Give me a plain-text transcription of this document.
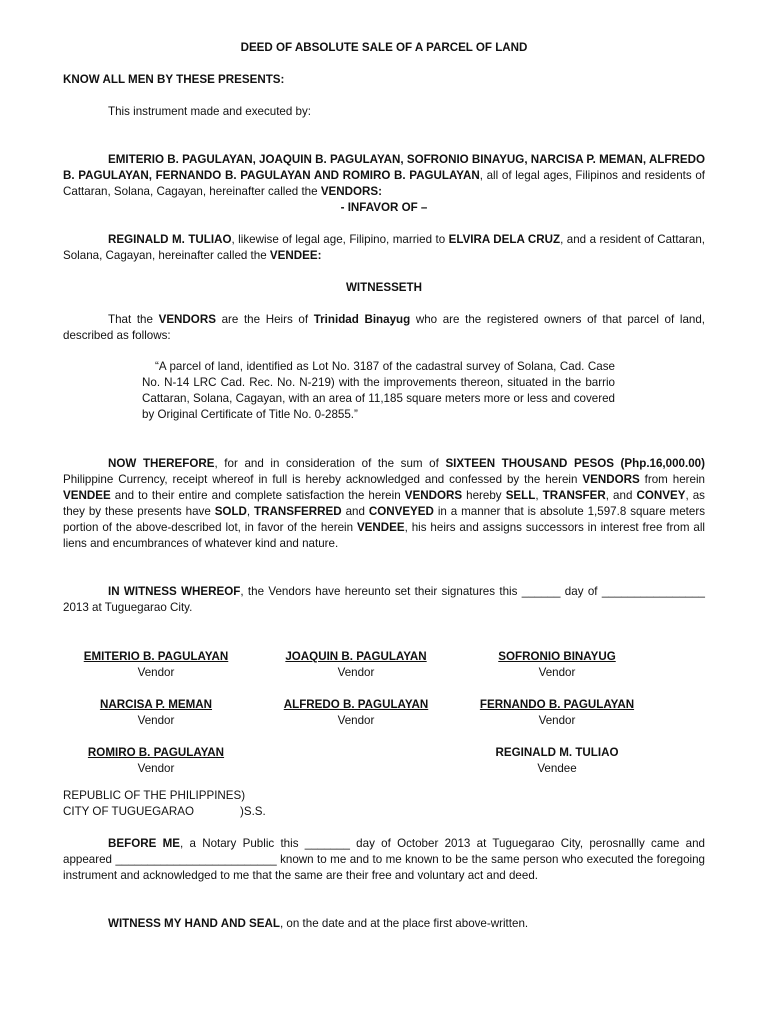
DEED OF ABSOLUTE SALE OF A PARCEL OF LAND

KNOW ALL MEN BY THESE PRESENTS:

This instrument made and executed by:

EMITERIO B. PAGULAYAN, JOAQUIN B. PAGULAYAN, SOFRONIO BINAYUG, NARCISA P. MEMAN, ALFREDO B. PAGULAYAN, FERNANDO B. PAGULAYAN AND ROMIRO B. PAGULAYAN, all of legal ages, Filipinos and residents of Cattaran, Solana, Cagayan, hereinafter called the VENDORS:

- INFAVOR OF –

REGINALD M. TULIAO, likewise of legal age, Filipino, married to ELVIRA DELA CRUZ, and a resident of Cattaran, Solana, Cagayan, hereinafter called the VENDEE:

WITNESSETH

That the VENDORS are the Heirs of Trinidad Binayug who are the registered owners of that parcel of land, described as follows:

“A parcel of land, identified as Lot No. 3187 of the cadastral survey of Solana, Cad. Case No. N-14 LRC Cad. Rec. No. N-219) with the improvements thereon, situated in the barrio Cattaran, Solana, Cagayan, with an area of 11,185 square meters more or less and covered by Original Certificate of Title No. 0-2855.”

NOW THEREFORE, for and in consideration of the sum of SIXTEEN THOUSAND PESOS (Php.16,000.00) Philippine Currency, receipt whereof in full is hereby acknowledged and confessed by the herein VENDORS from herein VENDEE and to their entire and complete satisfaction the herein VENDORS hereby SELL, TRANSFER, and CONVEY, as they by these presents have SOLD, TRANSFERRED and CONVEYED in a manner that is absolute 1,597.8 square meters portion of the above-described lot, in favor of the herein VENDEE, his heirs and assigns successors in interest free from all liens and encumbrances of whatever kind and nature.

IN WITNESS WHEREOF, the Vendors have hereunto set their signatures this ______ day of ________________ 2013 at Tuguegarao City.

EMITERIO B. PAGULAYAN
Vendor
JOAQUIN B. PAGULAYAN
Vendor
SOFRONIO BINAYUG
Vendor
NARCISA P. MEMAN
Vendor
ALFREDO B. PAGULAYAN
Vendor
FERNANDO B. PAGULAYAN
Vendor
ROMIRO B. PAGULAYAN
Vendor
REGINALD M. TULIAO
Vendee
REPUBLIC OF THE PHILIPPINES)
CITY OF TUGUEGARAO	)S.S.

BEFORE ME, a Notary Public this _______ day of October 2013 at Tuguegarao City, perosnallly came and appeared _________________________ known to me and to me known to be the same person who executed the foregoing instrument and acknowledged to me that the same are their free and voluntary act and deed.

WITNESS MY HAND AND SEAL, on the date and at the place first above-written.
